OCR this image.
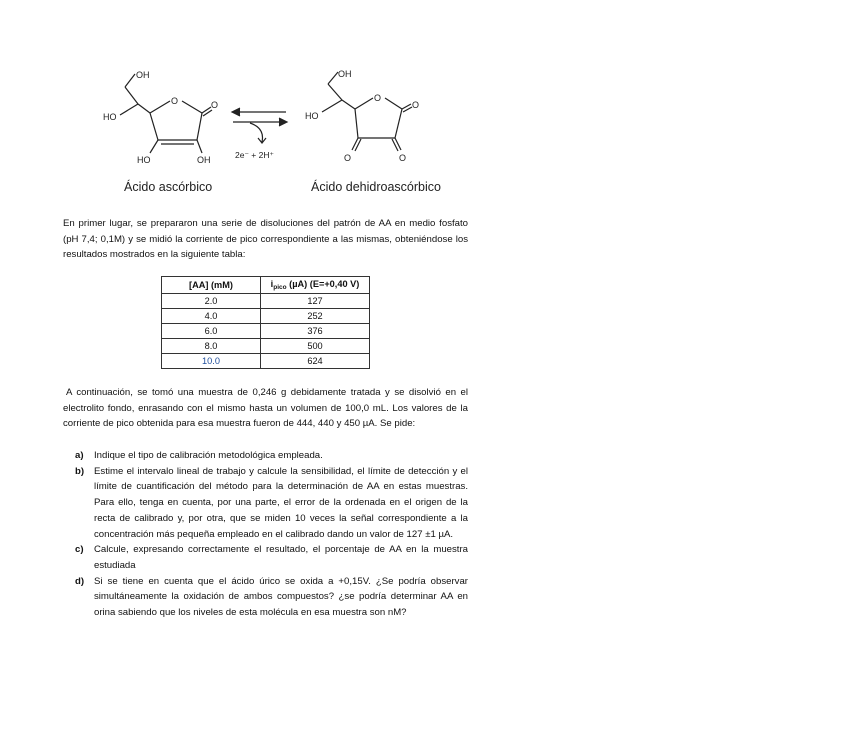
OH
HO
O	O
HO	OH
OH
HO
O
O
O	O
2e⁻ + 2H⁺
Ácido ascórbico	Ácido dehidroascórbico
En primer lugar, se prepararon una serie de disoluciones del patrón de AA en medio fosfato (pH 7,4; 0,1M) y se midió la corriente de pico correspondiente a las mismas, obteniéndose los resultados mostrados en la siguiente tabla:
[AA] (mM)	$i_{pico}$ (µA) (E=+0,40 V)
2.0	127
4.0	252
6.0	376
8.0	500
10.0	624
A continuación, se tomó una muestra de 0,246 g debidamente tratada y se disolvió en el electrolito fondo, enrasando con el mismo hasta un volumen de 100,0 mL. Los valores de la corriente de pico obtenida para esa muestra fueron de 444, 440 y 450 µA. Se pide:
a) Indique el tipo de calibración metodológica empleada.
b) Estime el intervalo lineal de trabajo y calcule la sensibilidad, el límite de detección y el límite de cuantificación del método para la determinación de AA en estas muestras. Para ello, tenga en cuenta, por una parte, el error de la ordenada en el origen de la recta de calibrado y, por otra, que se miden 10 veces la señal correspondiente a la concentración más pequeña empleado en el calibrado dando un valor de 127 ±1 µA.
c) Calcule, expresando correctamente el resultado, el porcentaje de AA en la muestra estudiada
d) Si se tiene en cuenta que el ácido úrico se oxida a +0,15V. ¿Se podría observar simultáneamente la oxidación de ambos compuestos? ¿se podría determinar AA en orina sabiendo que los niveles de esta molécula en esa muestra son nM?
